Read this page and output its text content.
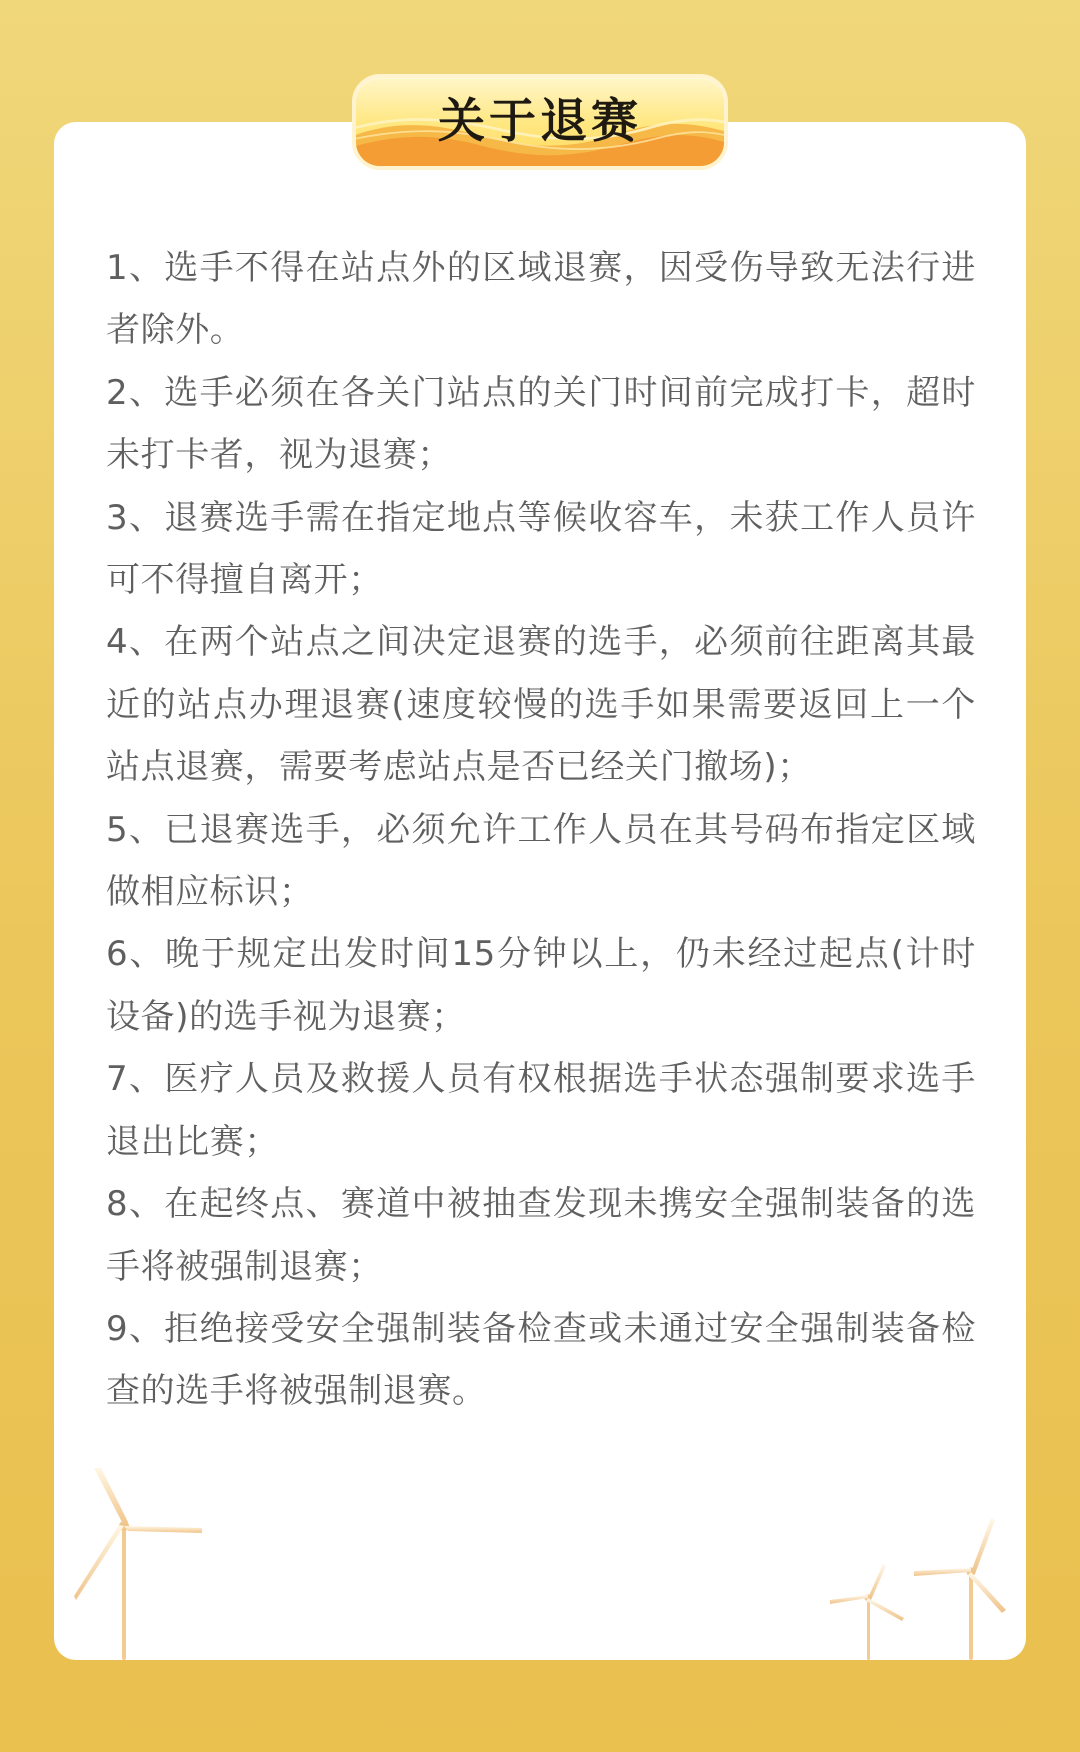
关于退赛
1、选手不得在站点外的区域退赛，因受伤导致无法行进者除外。
2、选手必须在各关门站点的关门时间前完成打卡，超时未打卡者，视为退赛；
3、退赛选手需在指定地点等候收容车，未获工作人员许可不得擅自离开；
4、在两个站点之间决定退赛的选手，必须前往距离其最近的站点办理退赛(速度较慢的选手如果需要返回上一个站点退赛，需要考虑站点是否已经关门撤场)；
5、已退赛选手，必须允许工作人员在其号码布指定区域做相应标识；
6、晚于规定出发时间15分钟以上，仍未经过起点(计时设备)的选手视为退赛；
7、医疗人员及救援人员有权根据选手状态强制要求选手退出比赛；
8、在起终点、赛道中被抽查发现未携安全强制装备的选手将被强制退赛；
9、拒绝接受安全强制装备检查或未通过安全强制装备检查的选手将被强制退赛。
